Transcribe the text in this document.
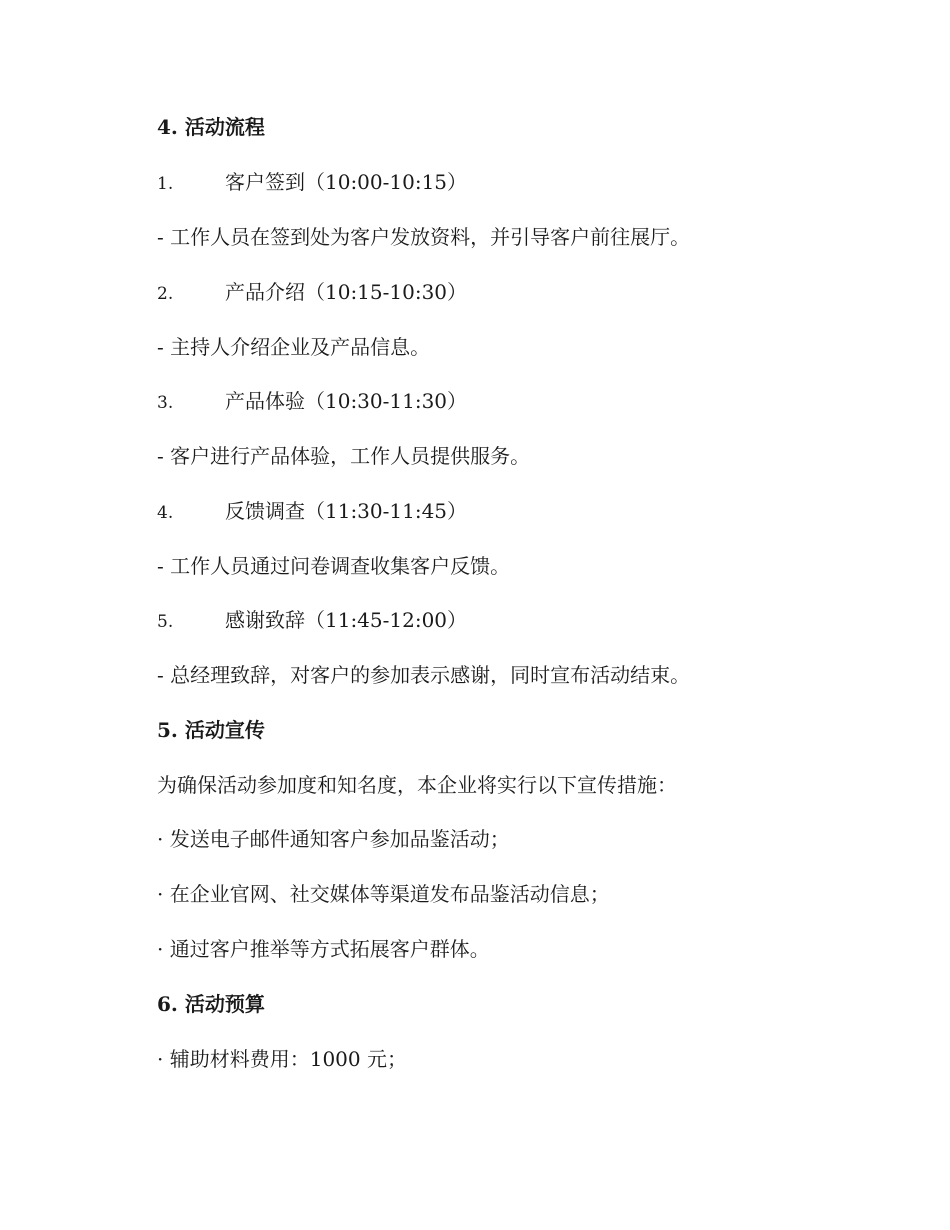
4. 活动流程
1.	客户签到（10:00-10:15）
- 工作人员在签到处为客户发放资料，并引导客户前往展厅。
2.	产品介绍（10:15-10:30）
- 主持人介绍企业及产品信息。
3.	产品体验（10:30-11:30）
- 客户进行产品体验，工作人员提供服务。
4.	反馈调查（11:30-11:45）
- 工作人员通过问卷调查收集客户反馈。
5.	感谢致辞（11:45-12:00）
- 总经理致辞，对客户的参加表示感谢，同时宣布活动结束。
5. 活动宣传
为确保活动参加度和知名度，本企业将实行以下宣传措施：
· 发送电子邮件通知客户参加品鉴活动；
· 在企业官网、社交媒体等渠道发布品鉴活动信息；
· 通过客户推举等方式拓展客户群体。
6. 活动预算
· 辅助材料费用：1000 元；
